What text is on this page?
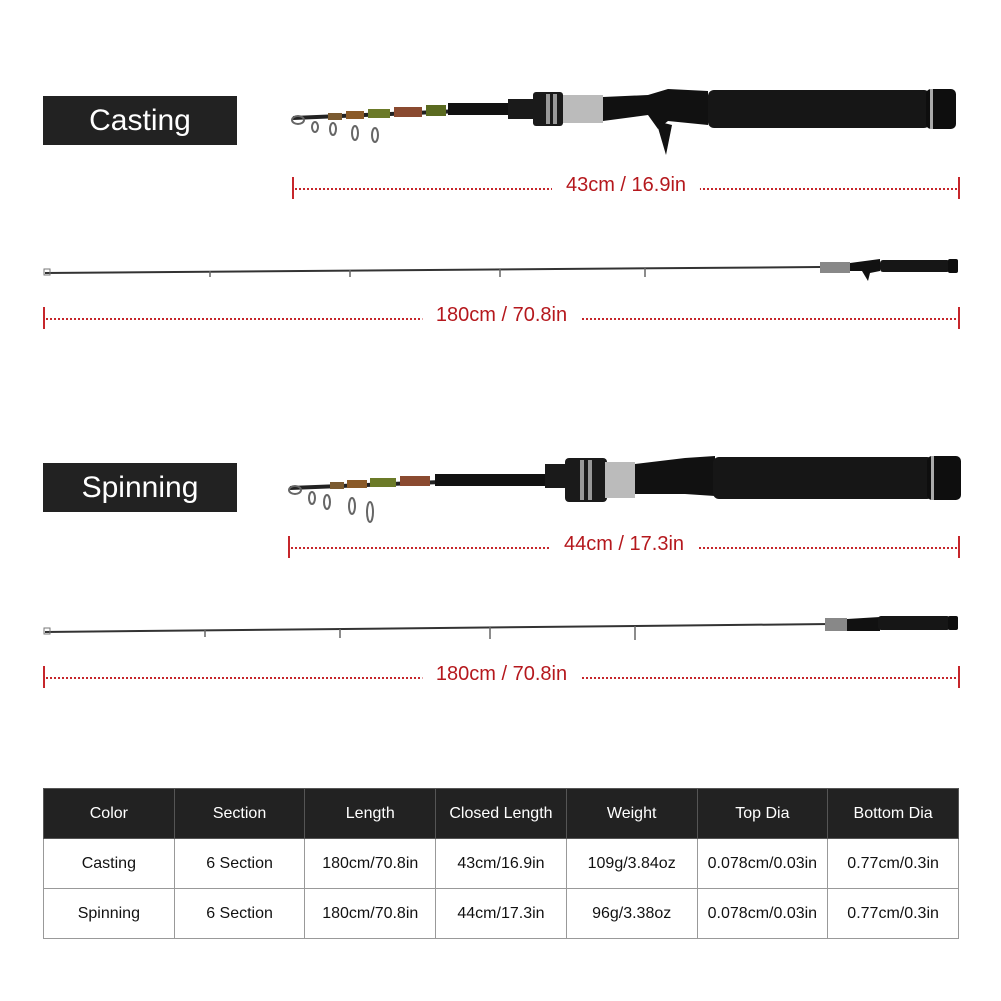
Casting
43cm / 16.9in
180cm / 70.8in
Spinning
44cm / 17.3in
180cm / 70.8in
Color	Section	Length	Closed Length	Weight	Top Dia	Bottom Dia
Casting	6 Section	180cm/70.8in	43cm/16.9in	109g/3.84oz	0.078cm/0.03in	0.77cm/0.3in
Spinning	6 Section	180cm/70.8in	44cm/17.3in	96g/3.38oz	0.078cm/0.03in	0.77cm/0.3in
